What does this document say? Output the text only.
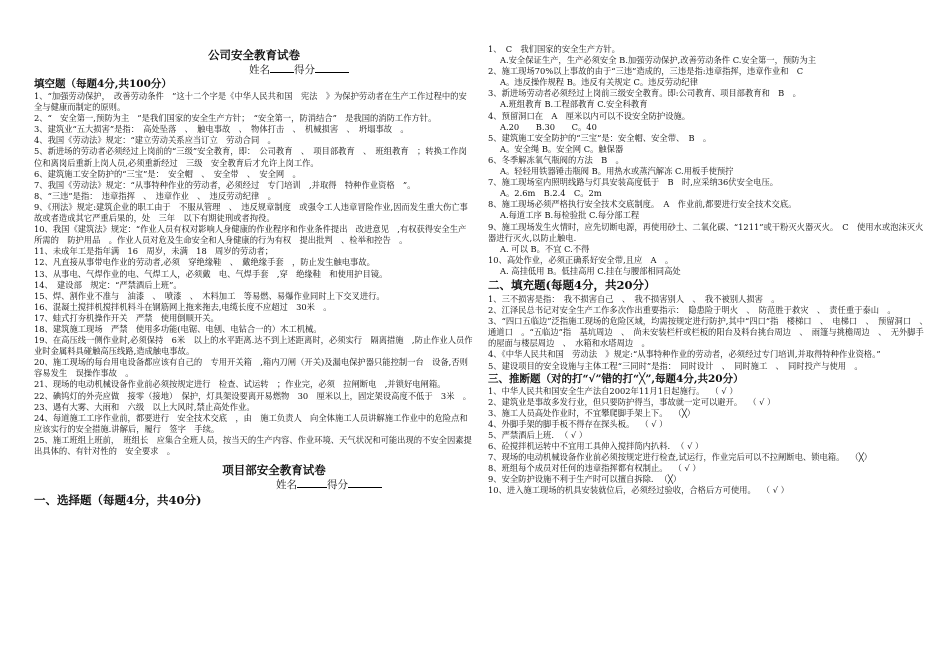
公司安全教育试卷
姓名 得分
填空题（每题4分,共100分）

1、“加强劳动保护，　改善劳动条件　”这十二个字是《中华人民共和国　宪法　》为保护劳动者在生产工作过程中的安全与健康而制定的原则。

2、“　安全第一,预防为主　”是我们国家的安全生产方针；　“安全第一，防消结合”　是我国的消防工作方针。

3、建筑业“五大损害”是指：　高处坠落　、　触电事故　、　物体打击　、　机械损害　、　坍塌事故　。

4、我国《劳动法》规定：“建立劳动关系应当订立　劳动合同　。

5、新进场的劳动者必须经过上岗前的“三级”安全教育，即：　公司教育　、　项目部教育　、　班组教育　；转换工作岗位和离岗后重新上岗人员,必须重新经过　三级　安全教育后才允许上岗工作。

6、建筑施工安全防护的“三宝”是：　安全帽　、　安全带　、　安全网　。

7、我国《劳动法》规定：“从事特种作业的劳动者，必须经过　专门培训　,并取得　特种作业资格　”。

8、“三违”是指：　违章指挥　、　违章作业　、　违反劳动纪律　。

9、《刑法》规定:建筑企业的职工由于　不服从管理　、　违反规章制度　或强令工人违章冒险作业,因而发生重大伤亡事故或者造成其它严重后果的，处　三年　以下有期徒刑或者拘役。

10、我国《建筑法》规定：“作业人员有权对影响人身健康的作业程序和作业条件提出　改进意见　,有权获得安全生产所需的　防护用品　。作业人员对危及生命安全和人身健康的行为有权　提出批判　、检举和控告　。

11、未成年工是指年满　16　周岁，未满　18　周岁的劳动者；

12、凡直接从事带电作业的劳动者,必须　穿绝缘鞋　、　戴绝缘手套　，防止发生触电事故。

13、从事电、气焊作业的电、气焊工人，必须戴　电、气焊手套　,穿　绝缘鞋　和使用护目镜。

14、　建设部　规定：“严禁酒后上班”。

15、焊、割作业不准与　油漆　、　喷漆　、　木料加工　等易燃、易爆作业同时上下交叉进行。

16、混凝土搅拌机搅拌机料斗在钢筋网上拖来拖去,电缆长度不应超过　30米　。

17、蛙式打夯机操作开关　严禁　使用倒顺开关。

18、建筑施工现场　严禁　使用多功能(电锯、电刨、电钻合一的）木工机械。

19、在高压线一侧作业时,必须保持　6米　以上的水平距离.达不到上述距离时，必须实行　隔离措施　,防止作业人员作业时金属料具碰触高压线路,造成触电事故。

20、施工现场的每台用电设备都应该有自己的　专用开关箱　,箱内刀闸（开关)及漏电保护器只能控制一台　设备,否则容易发生　误操作事故　。

21、现场的电动机械设备作业前必须按规定进行　检查、试运转　；作业完，必须　拉闸断电　,并锁好电闸箱。

22、碘钨灯的外壳应做　接零（接地）　保护，灯具架设要离开易燃物　30　厘米以上，固定架设高度不低于　3米　。

23、遇有大雾、大雨和　六级　以上大风时,禁止高处作业。

24、每道施工工序作业前，都要进行　安全技术交底　，由　施工负责人　向全体施工人员讲解施工作业中的危险点和应该实行的安全措施.讲解后，履行　签字　手续。

25、施工班组上班前，　班组长　应集合全班人员，按当天的生产内容、作业环境、天气状况和可能出现的不安全因素提出具体的、有针对性的　安全要求　。

项目部安全教育试卷
姓名	得分
一、选择题（每题4分，共40分)

1、　C　我们国家的安全生产方针。

A.安全保证生产，生产必须安全 B.加强劳动保护,改善劳动条件 C.安全第一，预防为主

2、施工现场70%以上事故的由于“三违”造成的，三违是指:违章指挥，违章作业和　C　

A。违反操作规程 B。违反有关规定 C。违反劳动纪律

3、新进场劳动者必须经过上岗前三级安全教育。即:公司教育、项目部教育和　B　。

A.班组教育 B.工程部教育 C.安全科教育

4、预留洞口在　A　厘米以内可以不设安全防护设施。

A.20　　B.30　　C。40

5、建筑施工安全防护的“三宝”是：安全帽、安全带、　B　。

A。安全绳 B。安全网 C。触保器

6、冬季解冻氧气瓶阀的方法　B　。

A。轻轻用铁器锤击瓶阀 B。用热水或蒸汽解冻 C.用板手使预拧

7、施工现场室内照明线路与灯具安装高度低于　B　时,应采纳36伏安全电压。

A。2.6m　B.2.4　C。2m

8、施工现场必须严格执行安全技术交底制度。　A　作业前,都要进行安全技术交底。

A.每道工序 B.每检验批 C.每分部工程

9、施工现场发生火情时，应先切断电源，再使用砂土、二氧化碳、“1211”或干粉灭火器灭火。　C　使用水或泡沫灭火器进行灭火,以防止触电.

A. 可以 B。不宜 C.不得

10、高处作业，必须正确系好安全带,且应　A　。

A. 高挂低用 B。低挂高用 C.挂在与腰部相同高处
二、填充题(每题4分，共20分）

1、三不损害是指：　我不损害自己　、　我不损害别人　、　我不被别人损害　。

2、江泽民总书记对安全生产工作多次作出重要指示：　隐患险于明火　、　防范胜于救灾　、　责任重于泰山　。

3、“四口五临边”泛指施工现场的危险区域，均需按规定进行防护,其中“四口”指　楼梯口　、　电梯口　、　预留洞口　、　通道口　。“五临边”指　基坑周边　、　尚未安装栏杆或栏板的阳台及料台挑台周边　、　雨篷与挑檐周边　、　无外脚手的屋面与楼层周边　、　水箱和水塔周边　。

4、《中华人民共和国　劳动法　》规定:“从事特种作业的劳动者，必须经过专门培训,并取得特种作业资格。”

5、建设项目的安全设施与主体工程“三同时”是指：　同时设计　、　同时施工　、　同时投产与使用　。

三、推断题（对的打“√”错的打“╳”,每题4分,共20分）
1、中华人民共和国安全生产法自2002年11月1日起施行。 （ √ ）
2、建筑业是事故多发行业，但只要防护得当，事故就一定可以避开。 （ √ ）
3、施工人员高处作业时，不宜攀爬脚手架上下。 （╳）
4、外脚手架的脚手板不得存在探头板。 （ √ ）
5、严禁酒后上班. （ √ ）
6、砼搅拌机运转中不宜用工具伸入搅拌筒内扒料. （ √ ）
7、现场的电动机械设备作业前必须按规定进行检查,试运行，作业完后可以不拉闸断电、锁电箱。 （╳）
8、班组每个成员对任何的违章指挥都有权制止。 （ √ ）
9、安全防护设施不利于生产时可以擅自拆除. （╳）
10、进入施工现场的机具安装就位后，必须经过验收，合格后方可使用。 （ √ ）
